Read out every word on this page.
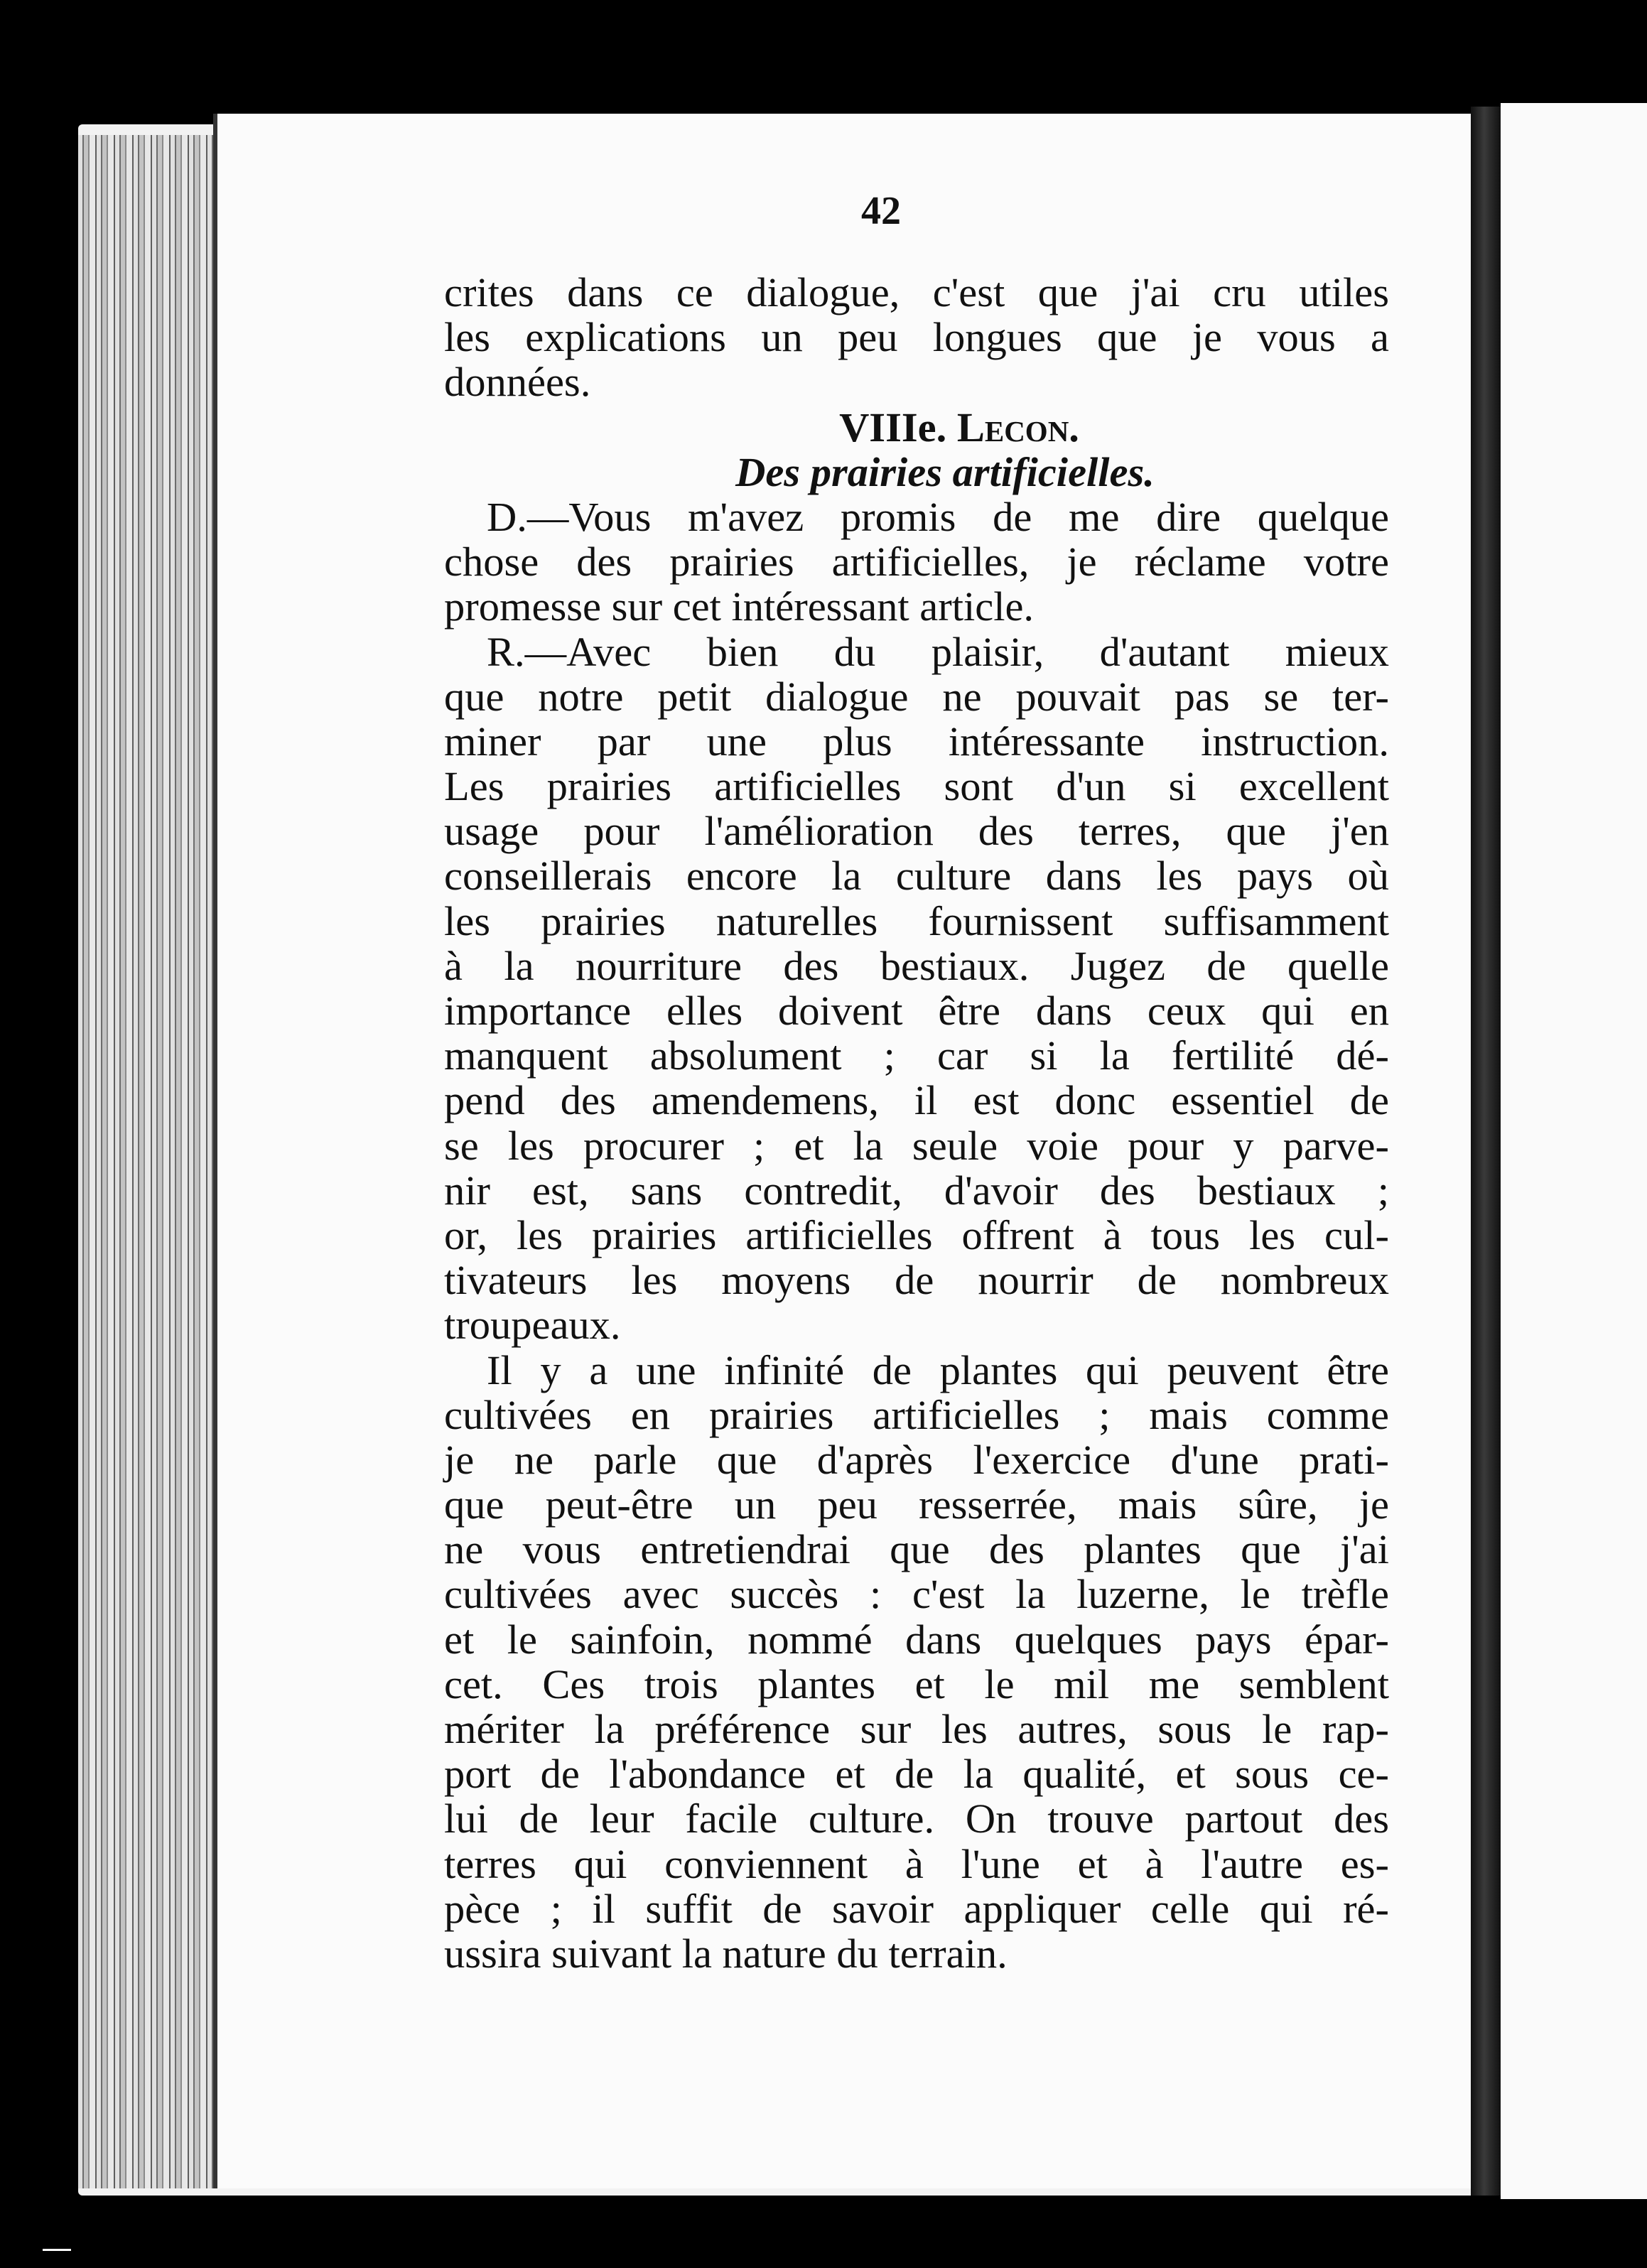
42
crites dans ce dialogue, c'est que j'ai cru utiles
les explications un peu longues que je vous a
données.
VIIIe. Lecon.
Des prairies artificielles.
D.—Vous m'avez promis de me dire quelque
chose des prairies artificielles, je réclame votre
promesse sur cet intéressant article.
R.—Avec bien du plaisir, d'autant mieux
que notre petit dialogue ne pouvait pas se ter-
miner par une plus intéressante instruction.
Les prairies artificielles sont d'un si excellent
usage pour l'amélioration des terres, que j'en
conseillerais encore la culture dans les pays où
les prairies naturelles fournissent suffisamment
à la nourriture des bestiaux. Jugez de quelle
importance elles doivent être dans ceux qui en
manquent absolument ; car si la fertilité dé-
pend des amendemens, il est donc essentiel de
se les procurer ; et la seule voie pour y parve-
nir est, sans contredit, d'avoir des bestiaux ;
or, les prairies artificielles offrent à tous les cul-
tivateurs les moyens de nourrir de nombreux
troupeaux.
Il y a une infinité de plantes qui peuvent être
cultivées en prairies artificielles ; mais comme
je ne parle que d'après l'exercice d'une prati-
que peut-être un peu resserrée, mais sûre, je
ne vous entretiendrai que des plantes que j'ai
cultivées avec succès : c'est la luzerne, le trèfle
et le sainfoin, nommé dans quelques pays épar-
cet. Ces trois plantes et le mil me semblent
mériter la préférence sur les autres, sous le rap-
port de l'abondance et de la qualité, et sous ce-
lui de leur facile culture. On trouve partout des
terres qui conviennent à l'une et à l'autre es-
pèce ; il suffit de savoir appliquer celle qui ré-
ussira suivant la nature du terrain.
